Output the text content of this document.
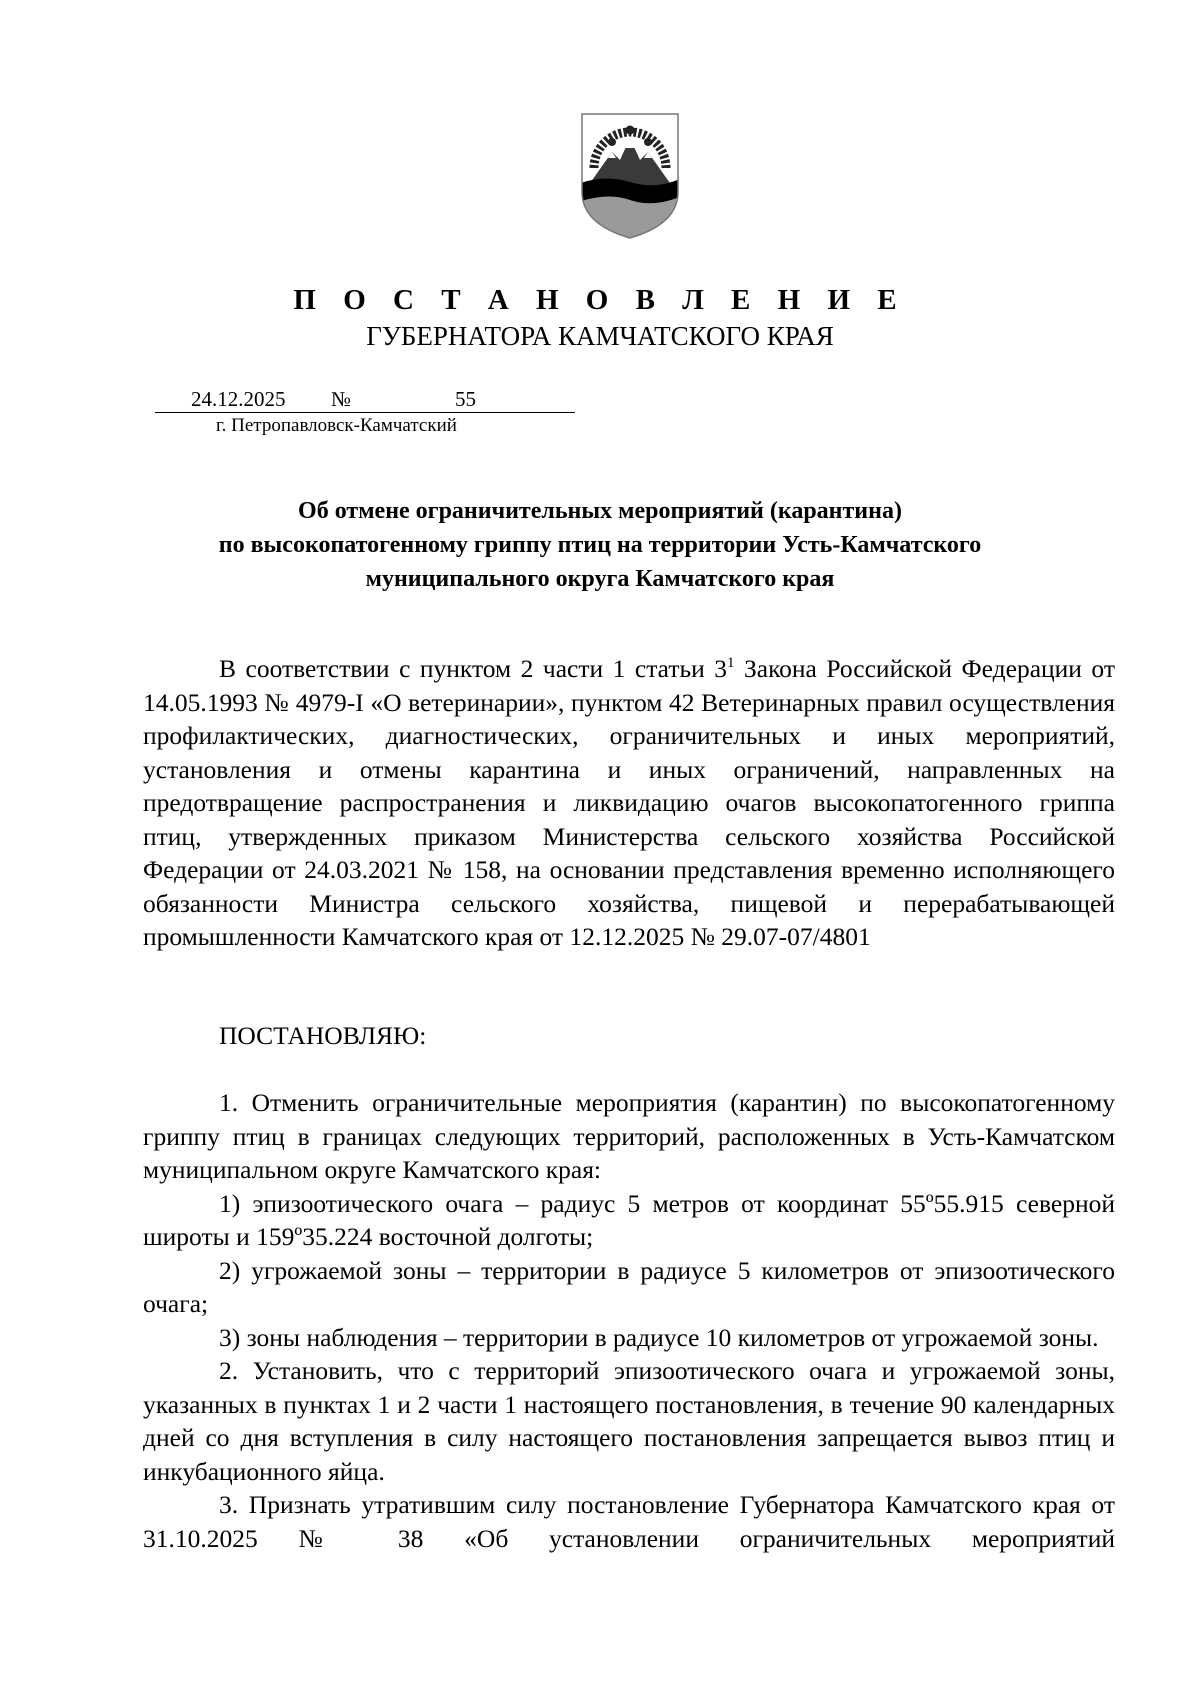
П О С Т А Н О В Л Е Н И Е
ГУБЕРНАТОРА КАМЧАТСКОГО КРАЯ
24.12.2025 №	55
г. Петропавловск-Камчатский
Об отмене ограничительных мероприятий (карантина)
по высокопатогенному гриппу птиц на территории Усть-Камчатского
муниципального округа Камчатского края

В соответствии с пунктом 2 части 1 статьи $3^1$ Закона Российской Федерации от 14.05.1993 № 4979-I «О ветеринарии», пунктом 42 Ветеринарных правил осуществления профилактических, диагностических, ограничительных и иных мероприятий, установления и отмены карантина и иных ограничений, направленных на предотвращение распространения и ликвидацию очагов высокопатогенного гриппа птиц, утвержденных приказом Министерства сельского хозяйства Российской Федерации от 24.03.2021 № 158, на основании представления временно исполняющего обязанности Министра сельского хозяйства, пищевой и перерабатывающей промышленности Камчатского края от 12.12.2025 № 29.07-07/4801

ПОСТАНОВЛЯЮ:

1. Отменить ограничительные мероприятия (карантин) по высокопатогенному гриппу птиц в границах следующих территорий, расположенных в Усть-Камчатском муниципальном округе Камчатского края:

1) эпизоотического очага – радиус 5 метров от координат 55º55.915 северной широты и 159º35.224 восточной долготы;

2) угрожаемой зоны – территории в радиусе 5 километров от эпизоотического очага;

3) зоны наблюдения – территории в радиусе 10 километров от угрожаемой зоны.

2. Установить, что с территорий эпизоотического очага и угрожаемой зоны, указанных в пунктах 1 и 2 части 1 настоящего постановления, в течение 90 календарных дней со дня вступления в силу настоящего постановления запрещается вывоз птиц и инкубационного яйца.

3. Признать утратившим силу постановление Губернатора Камчатского края от 31.10.2025 № 38 «Об установлении ограничительных мероприятий
